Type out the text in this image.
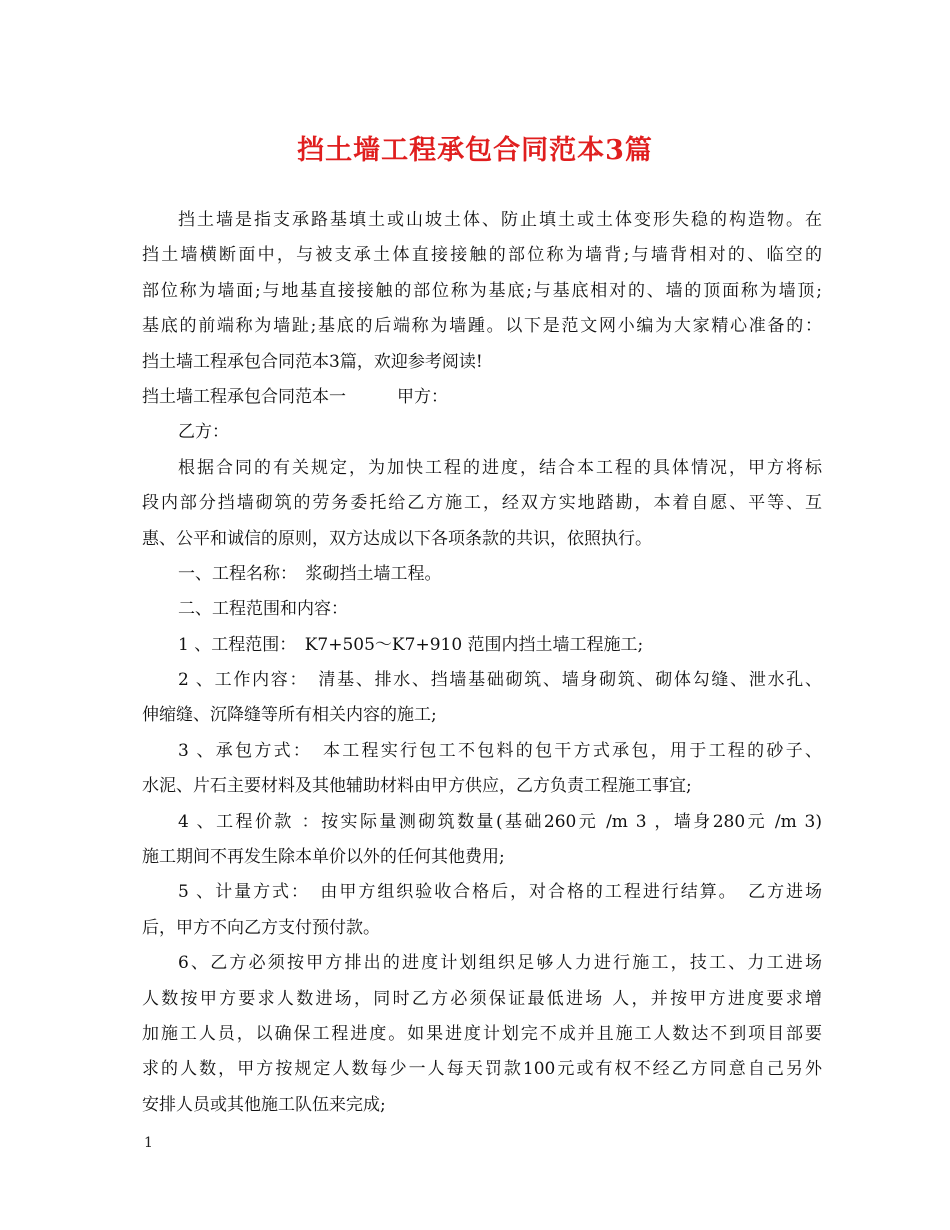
挡土墙工程承包合同范本3篇
挡土墙是指支承路基填土或山坡土体、防止填土或土体变形失稳的构造物。在
挡土墙横断面中，与被支承土体直接接触的部位称为墙背;与墙背相对的、临空的
部位称为墙面;与地基直接接触的部位称为基底;与基底相对的、墙的顶面称为墙顶;
基底的前端称为墙趾;基底的后端称为墙踵。以下是范文网小编为大家精心准备的：
挡土墙工程承包合同范本3篇，欢迎参考阅读!
挡土墙工程承包合同范本一　　　甲方：
乙方：
根据合同的有关规定，为加快工程的进度，结合本工程的具体情况，甲方将标
段内部分挡墙砌筑的劳务委托给乙方施工，经双方实地踏勘，本着自愿、平等、互
惠、公平和诚信的原则，双方达成以下各项条款的共识，依照执行。
一、工程名称：　浆砌挡土墙工程。
二、工程范围和内容：
1 、工程范围：　K7+505～K7+910 范围内挡土墙工程施工;
2 、工作内容：　清基、排水、挡墙基础砌筑、墙身砌筑、砌体勾缝、泄水孔、
伸缩缝、沉降缝等所有相关内容的施工;
3 、承包方式：　本工程实行包工不包料的包干方式承包，用于工程的砂子、
水泥、片石主要材料及其他辅助材料由甲方供应，乙方负责工程施工事宜;
4 、工程价款 ：按实际量测砌筑数量(基础260元 /m 3 ，墙身280元 /m 3)
施工期间不再发生除本单价以外的任何其他费用;
5 、计量方式：　由甲方组织验收合格后，对合格的工程进行结算。　乙方进场
后，甲方不向乙方支付预付款。
6、乙方必须按甲方排出的进度计划组织足够人力进行施工，技工、力工进场
人数按甲方要求人数进场，同时乙方必须保证最低进场 人，并按甲方进度要求增
加施工人员，以确保工程进度。如果进度计划完不成并且施工人数达不到项目部要
求的人数，甲方按规定人数每少一人每天罚款100元或有权不经乙方同意自己另外
安排人员或其他施工队伍来完成;
1
